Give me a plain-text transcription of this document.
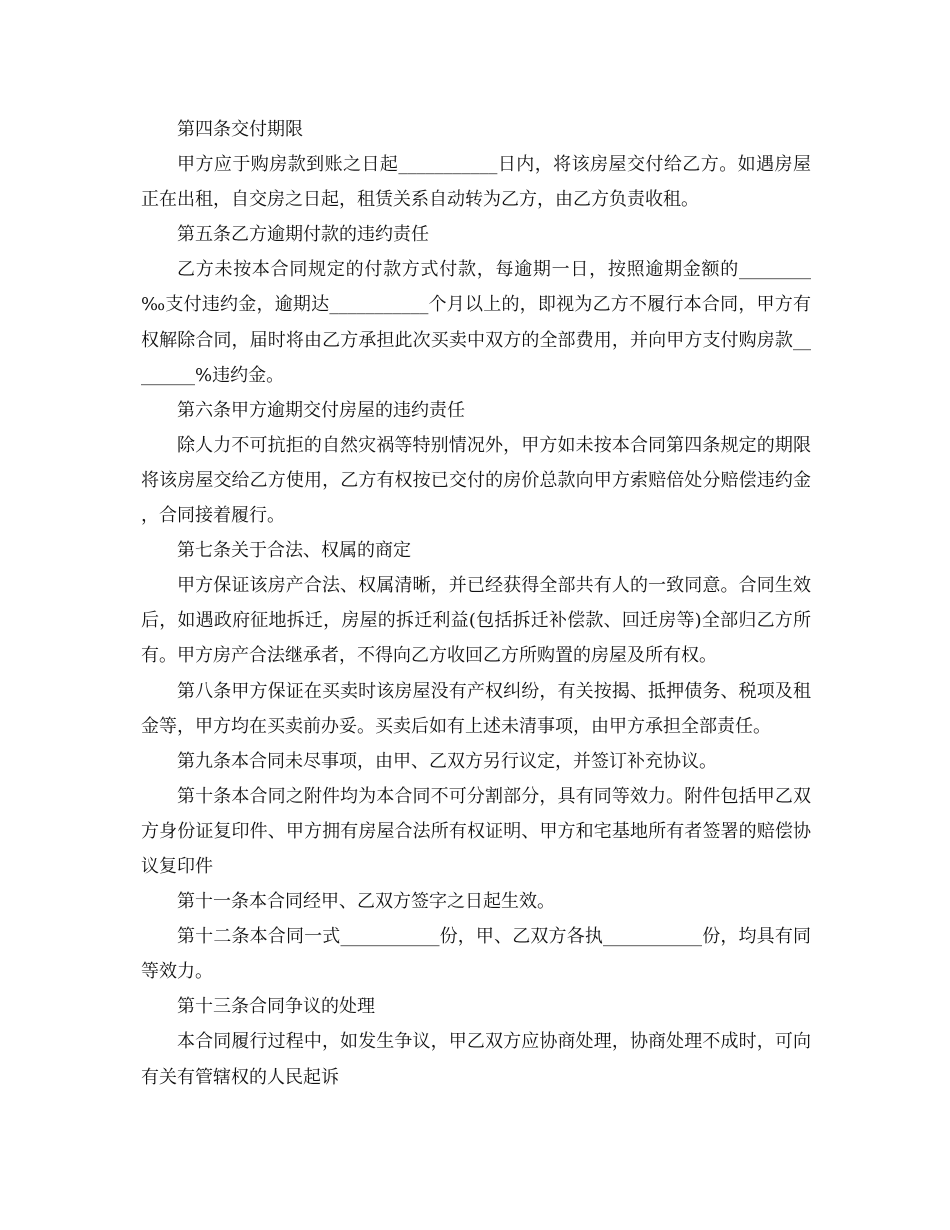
第四条交付期限

甲方应于购房款到账之日起___________日内，将该房屋交付给乙方。如遇房屋正在出租，自交房之日起，租赁关系自动转为乙方，由乙方负责收租。

第五条乙方逾期付款的违约责任

乙方未按本合同规定的付款方式付款，每逾期一日，按照逾期金额的________‰支付违约金，逾期达___________个月以上的，即视为乙方不履行本合同，甲方有权解除合同，届时将由乙方承担此次买卖中双方的全部费用，并向甲方支付购房款________%违约金。

第六条甲方逾期交付房屋的违约责任

除人力不可抗拒的自然灾祸等特别情况外，甲方如未按本合同第四条规定的期限将该房屋交给乙方使用，乙方有权按已交付的房价总款向甲方索赔倍处分赔偿违约金，合同接着履行。

第七条关于合法、权属的商定

甲方保证该房产合法、权属清晰，并已经获得全部共有人的一致同意。合同生效后，如遇政府征地拆迁，房屋的拆迁利益(包括拆迁补偿款、回迁房等)全部归乙方所有。甲方房产合法继承者，不得向乙方收回乙方所购置的房屋及所有权。

第八条甲方保证在买卖时该房屋没有产权纠纷，有关按揭、抵押债务、税项及租金等，甲方均在买卖前办妥。买卖后如有上述未清事项，由甲方承担全部责任。

第九条本合同未尽事项，由甲、乙双方另行议定，并签订补充协议。

第十条本合同之附件均为本合同不可分割部分，具有同等效力。附件包括甲乙双方身份证复印件、甲方拥有房屋合法所有权证明、甲方和宅基地所有者签署的赔偿协议复印件

第十一条本合同经甲、乙双方签字之日起生效。

第十二条本合同一式___________份，甲、乙双方各执___________份，均具有同等效力。

第十三条合同争议的处理

本合同履行过程中，如发生争议，甲乙双方应协商处理，协商处理不成时，可向有关有管辖权的人民起诉
